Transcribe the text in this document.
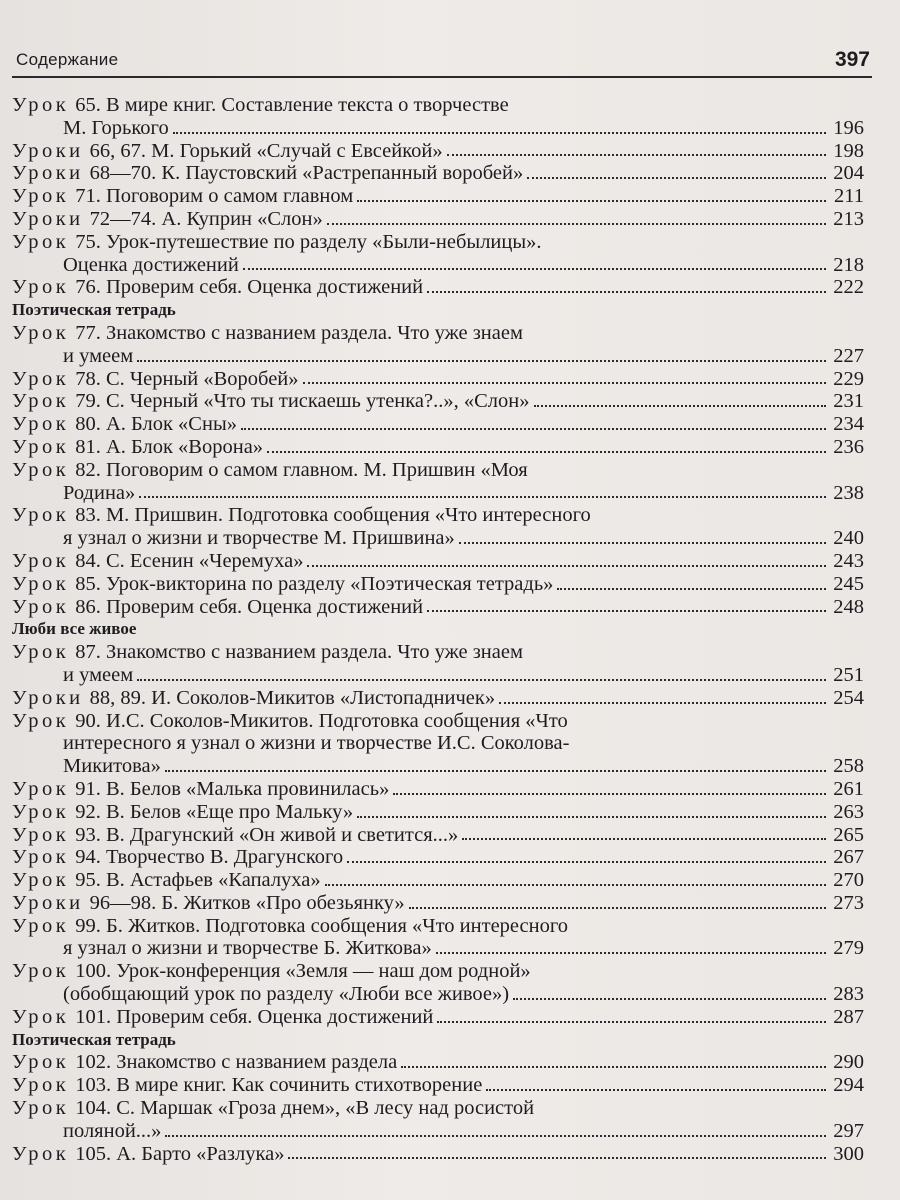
Содержание	397
Урок 65. В мире книг. Составление текста о творчестве
М. Горького	196
Уроки 66, 67. М. Горький «Случай с Евсейкой»	198
Уроки 68—70. К. Паустовский «Растрепанный воробей»	204
Урок 71. Поговорим о самом главном	211
Уроки 72—74. А. Куприн «Слон»	213
Урок 75. Урок-путешествие по разделу «Были-небылицы».
Оценка достижений	218
Урок 76. Проверим себя. Оценка достижений	222
Поэтическая тетрадь
Урок 77. Знакомство с названием раздела. Что уже знаем
и умеем	227
Урок 78. С. Черный «Воробей»	229
Урок 79. С. Черный «Что ты тискаешь утенка?..», «Слон»	231
Урок 80. А. Блок «Сны»	234
Урок 81. А. Блок «Ворона»	236
Урок 82. Поговорим о самом главном. М. Пришвин «Моя
Родина»	238
Урок 83. М. Пришвин. Подготовка сообщения «Что интересного
я узнал о жизни и творчестве М. Пришвина»	240
Урок 84. С. Есенин «Черемуха»	243
Урок 85. Урок-викторина по разделу «Поэтическая тетрадь»	245
Урок 86. Проверим себя. Оценка достижений	248
Люби все живое
Урок 87. Знакомство с названием раздела. Что уже знаем
и умеем	251
Уроки 88, 89. И. Соколов-Микитов «Листопадничек»	254
Урок 90. И.С. Соколов-Микитов. Подготовка сообщения «Что
интересного я узнал о жизни и творчестве И.С. Соколова-
Микитова»	258
Урок 91. В. Белов «Малька провинилась»	261
Урок 92. В. Белов «Еще про Мальку»	263
Урок 93. В. Драгунский «Он живой и светится...»	265
Урок 94. Творчество В. Драгунского	267
Урок 95. В. Астафьев «Капалуха»	270
Уроки 96—98. Б. Житков «Про обезьянку»	273
Урок 99. Б. Житков. Подготовка сообщения «Что интересного
я узнал о жизни и творчестве Б. Житкова»	279
Урок 100. Урок-конференция «Земля — наш дом родной»
(обобщающий урок по разделу «Люби все живое»)	283
Урок 101. Проверим себя. Оценка достижений	287
Поэтическая тетрадь
Урок 102. Знакомство с названием раздела	290
Урок 103. В мире книг. Как сочинить стихотворение	294
Урок 104. С. Маршак «Гроза днем», «В лесу над росистой
поляной...»	297
Урок 105. А. Барто «Разлука»	300
